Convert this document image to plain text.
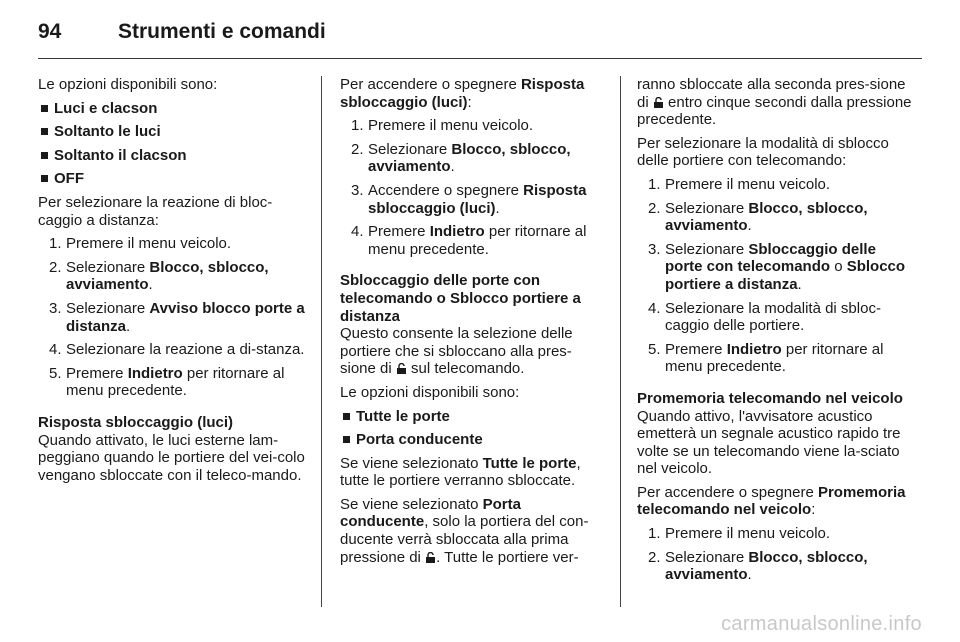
94	Strumenti e comandi

Le opzioni disponibili sono:

Luci e clacson
Soltanto le luci
Soltanto il clacson
OFF

Per selezionare la reazione di bloc-caggio a distanza:

1. Premere il menu veicolo.
2. Selezionare Blocco, sblocco, avviamento.
3. Selezionare Avviso blocco porte a distanza.
4. Selezionare la reazione a di-stanza.
5. Premere Indietro per ritornare al menu precedente.
Risposta sbloccaggio (luci)

Quando attivato, le luci esterne lam-peggiano quando le portiere del vei-colo vengano sbloccate con il teleco-mando.

Per accendere o spegnere Risposta sbloccaggio (luci):

1. Premere il menu veicolo.
2. Selezionare Blocco, sblocco, avviamento.
3. Accendere o spegnere Risposta sbloccaggio (luci).
4. Premere Indietro per ritornare al menu precedente.
Sbloccaggio delle porte con telecomando o Sblocco portiere a distanza

Questo consente la selezione delle portiere che si sbloccano alla pres-sione di  sul telecomando.

Le opzioni disponibili sono:

Tutte le porte
Porta conducente

Se viene selezionato Tutte le porte, tutte le portiere verranno sbloccate.

Se viene selezionato Porta conducente, solo la portiera del con-ducente verrà sbloccata alla prima pressione di . Tutte le portiere ver-

ranno sbloccate alla seconda pres-sione di  entro cinque secondi dalla pressione precedente.

Per selezionare la modalità di sblocco delle portiere con telecomando:

1. Premere il menu veicolo.
2. Selezionare Blocco, sblocco, avviamento.
3. Selezionare Sbloccaggio delle porte con telecomando o Sblocco portiere a distanza.
4. Selezionare la modalità di sbloc-caggio delle portiere.
5. Premere Indietro per ritornare al menu precedente.
Promemoria telecomando nel veicolo

Quando attivo, l'avvisatore acustico emetterà un segnale acustico rapido tre volte se un telecomando viene la-sciato nel veicolo.

Per accendere o spegnere Promemoria telecomando nel veicolo:

1. Premere il menu veicolo.
2. Selezionare Blocco, sblocco, avviamento.
carmanualsonline.info
